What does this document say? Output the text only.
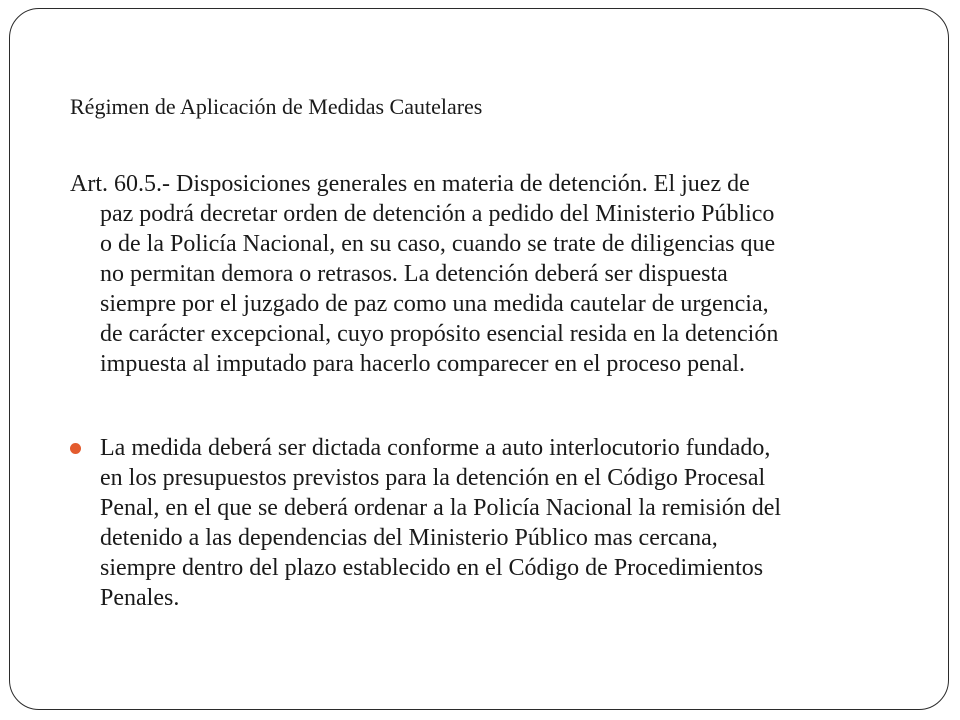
Régimen de Aplicación de Medidas Cautelares

Art. 60.5.- Disposiciones generales en materia de detención. El juez de
paz podrá decretar orden de detención a pedido del Ministerio Público
o de la Policía Nacional, en su caso, cuando se trate de diligencias que
no permitan demora o retrasos. La detención deberá ser dispuesta
siempre por el juzgado de paz como una medida cautelar de urgencia,
de carácter excepcional, cuyo propósito esencial resida en la detención
impuesta al imputado para hacerlo comparecer en el proceso penal.

La medida deberá ser dictada conforme a auto interlocutorio fundado,
en los presupuestos previstos para la detención en el Código Procesal
Penal, en el que se deberá ordenar a la Policía Nacional la remisión del
detenido a las dependencias del Ministerio Público mas cercana,
siempre dentro del plazo establecido en el Código de Procedimientos
Penales.
